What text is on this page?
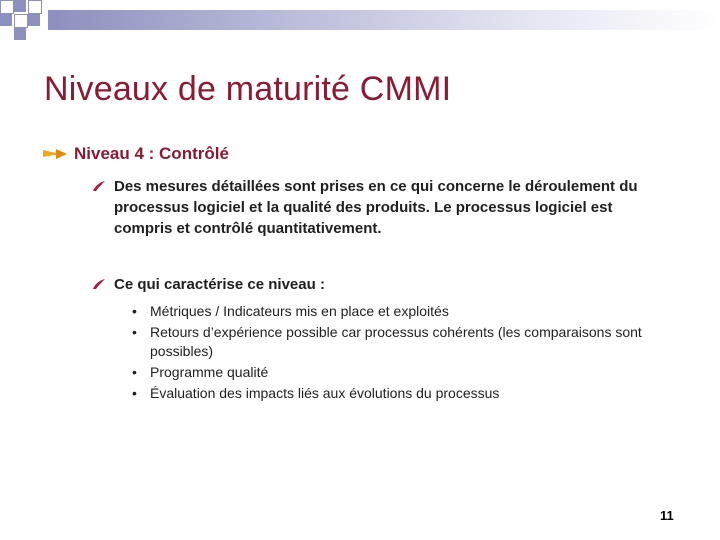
Niveaux de maturité CMMI
Niveau 4 : Contrôlé
Des mesures détaillées sont prises en ce qui concerne le déroulement du processus logiciel et la qualité des produits. Le processus logiciel est compris et contrôlé quantitativement.
Ce qui caractérise ce niveau :
• Métriques / Indicateurs mis en place et exploités
• Retours d’expérience possible car processus cohérents (les comparaisons sont possibles)
• Programme qualité
• Évaluation des impacts liés aux évolutions du processus
11
